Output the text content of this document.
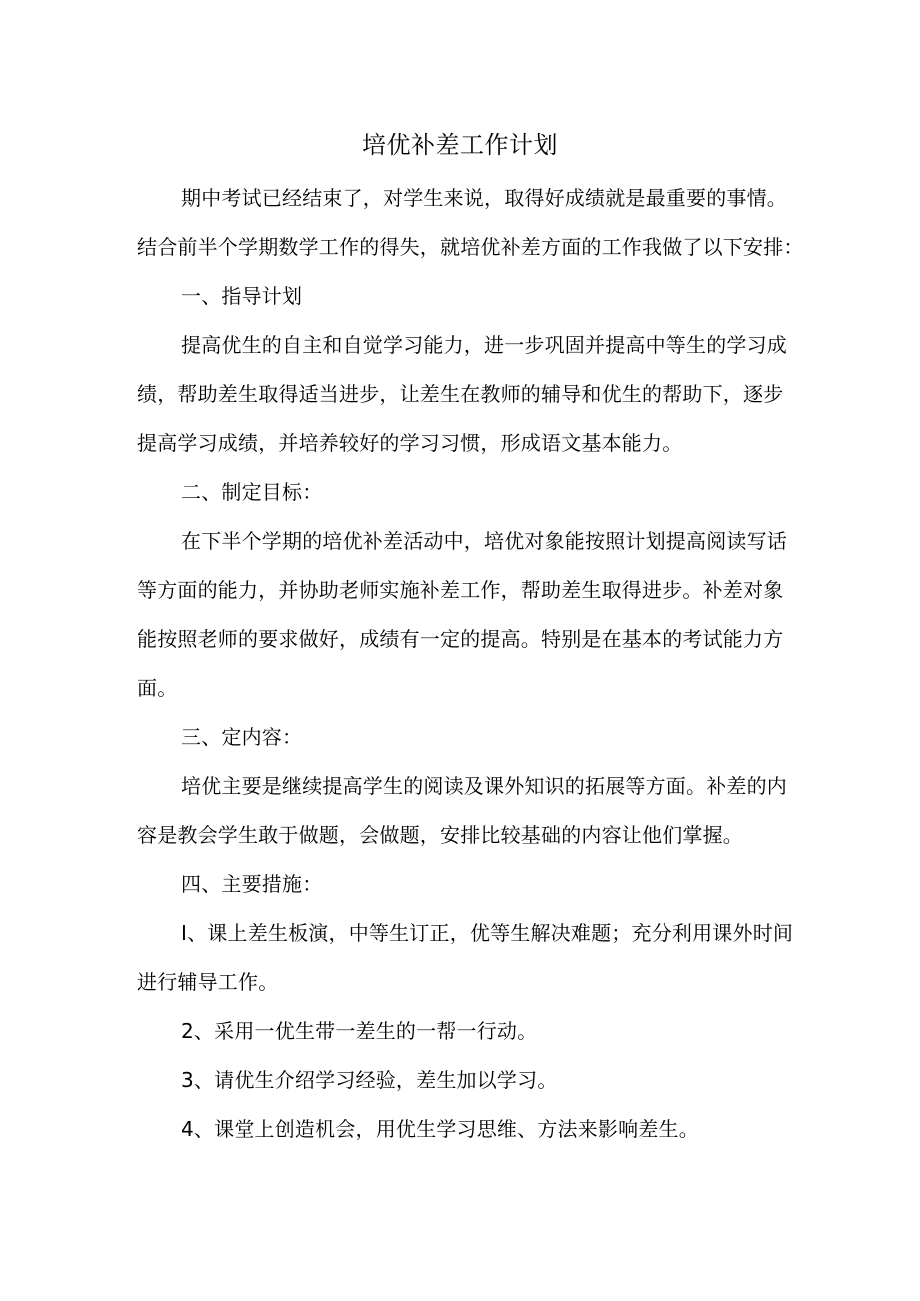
培优补差工作计划
期中考试已经结束了，对学生来说，取得好成绩就是最重要的事情。
结合前半个学期数学工作的得失，就培优补差方面的工作我做了以下安排：
一、指导计划
提高优生的自主和自觉学习能力，进一步巩固并提高中等生的学习成
绩，帮助差生取得适当进步，让差生在教师的辅导和优生的帮助下，逐步
提高学习成绩，并培养较好的学习习惯，形成语文基本能力。
二、制定目标：
在下半个学期的培优补差活动中，培优对象能按照计划提高阅读写话
等方面的能力，并协助老师实施补差工作，帮助差生取得进步。补差对象
能按照老师的要求做好，成绩有一定的提高。特别是在基本的考试能力方
面。
三、定内容：
培优主要是继续提高学生的阅读及课外知识的拓展等方面。补差的内
容是教会学生敢于做题，会做题，安排比较基础的内容让他们掌握。
四、主要措施：
I、课上差生板演，中等生订正，优等生解决难题；充分利用课外时间
进行辅导工作。
2、采用一优生带一差生的一帮一行动。
3、请优生介绍学习经验，差生加以学习。
4、课堂上创造机会，用优生学习思维、方法来影响差生。
